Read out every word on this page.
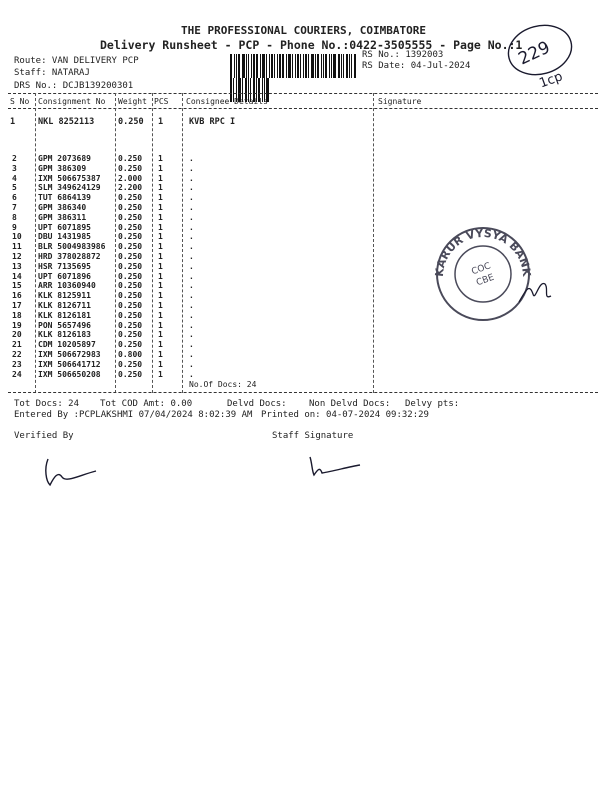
THE PROFESSIONAL COURIERS, COIMBATORE
Delivery Runsheet - PCP - Phone No.:0422-3505555 - Page No.:1
Route: VAN DELIVERY PCP
Staff: NATARAJ
DRS No.: DCJB139200301
RS No.: 1392003
RS Date: 04-Jul-2024	229
1cp
S No Consignment No Weight PCS Consignee Details	Signature
1	NKL 8252113	0.250 1	KVB RPC I
2	GPM 2073689	0.250 1	.
3	GPM 386309	0.250 1	.
4	IXM 506675387 2.000 1	.
5	SLM 349624129 2.200 1	.
6	TUT 6864139	0.250 1	.
7	GPM 386340	0.250 1	.
8	GPM 386311	0.250 1	.
9	UPT 6071895	0.250 1	.
10 DBU 1431985	0.250 1	.
11 BLR 5004983986 0.250 1	.
12 HRD 378028872 0.250 1	.
13 HSR 7135695	0.250 1	.
14 UPT 6071896	0.250 1	.
15 ARR 10360940	0.250 1	.
16 KLK 8125911	0.250 1	.
17 KLK 8126711	0.250 1	.
18 KLK 8126181	0.250 1	.
19 PON 5657496	0.250 1	.
20 KLK 8126183	0.250 1	.
21 CDM 10205897	0.250 1	.
22 IXM 506672983 0.800 1	.
23 IXM 506641712 0.250 1	.
24 IXM 506650208 0.250 1	.
No.Of Docs: 24
KARUR VYSYA BANK
COC
CBE
Tot Docs: 24 Tot COD Amt: 0.00	Delvd Docs: Non Delvd Docs: Delvy pts:
Entered By :PCPLAKSHMI 07/04/2024 8:02:39 AM Printed on: 04-07-2024 09:32:29
Verified By	Staff Signature
